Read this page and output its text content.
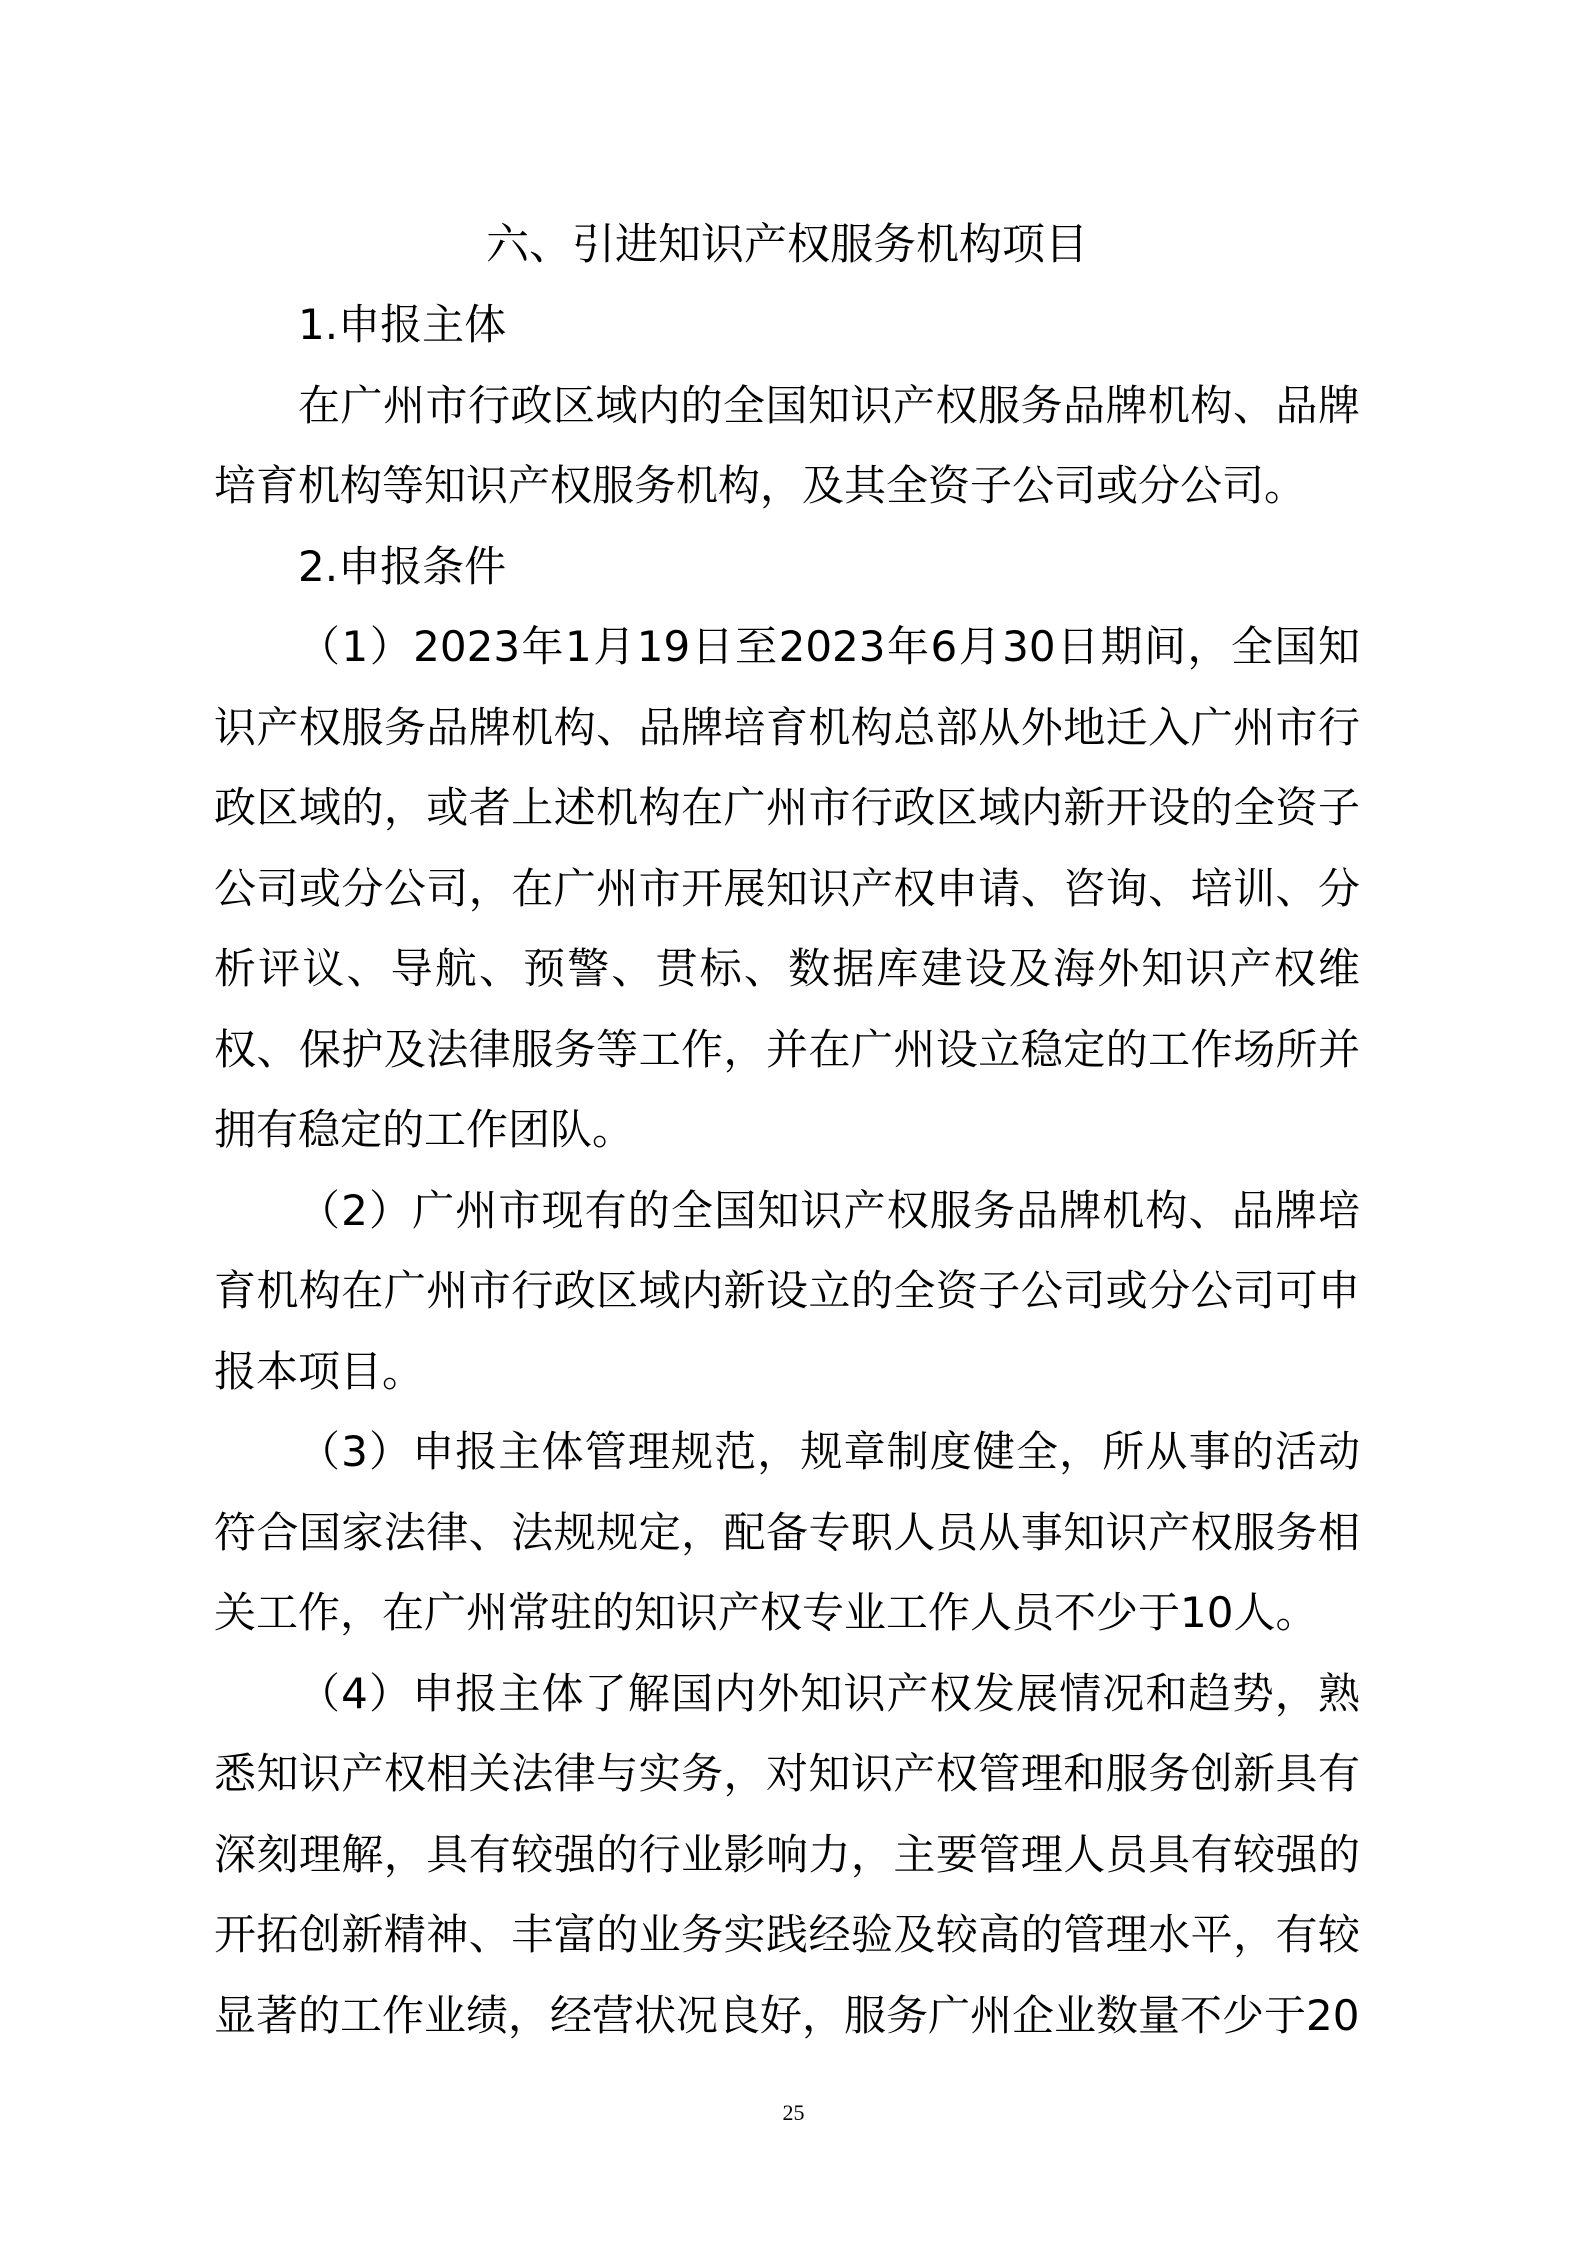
六、引进知识产权服务机构项目

1.申报主体

在广州市行政区域内的全国知识产权服务品牌机构、品牌培育机构等知识产权服务机构，及其全资子公司或分公司。

2.申报条件

（1）2023年1月19日至2023年6月30日期间，全国知识产权服务品牌机构、品牌培育机构总部从外地迁入广州市行政区域的，或者上述机构在广州市行政区域内新开设的全资子公司或分公司，在广州市开展知识产权申请、咨询、培训、分析评议、导航、预警、贯标、数据库建设及海外知识产权维权、保护及法律服务等工作，并在广州设立稳定的工作场所并拥有稳定的工作团队。

（2）广州市现有的全国知识产权服务品牌机构、品牌培育机构在广州市行政区域内新设立的全资子公司或分公司可申报本项目。

（3）申报主体管理规范，规章制度健全，所从事的活动符合国家法律、法规规定，配备专职人员从事知识产权服务相关工作，在广州常驻的知识产权专业工作人员不少于10人。

（4）申报主体了解国内外知识产权发展情况和趋势，熟悉知识产权相关法律与实务，对知识产权管理和服务创新具有深刻理解，具有较强的行业影响力，主要管理人员具有较强的开拓创新精神、丰富的业务实践经验及较高的管理水平，有较显著的工作业绩，经营状况良好，服务广州企业数量不少于20

25
